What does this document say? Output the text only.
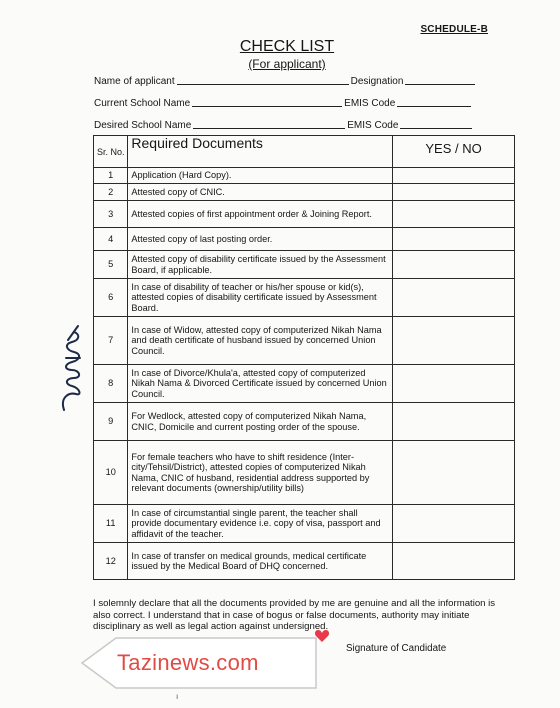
SCHEDULE-B
CHECK LIST
(For applicant)
Name of applicant	Designation
Current School Name	EMIS Code
Desired School Name	EMIS Code
Sr. No.	Required Documents	YES / NO
1	Application (Hard Copy).	
2	Attested copy of CNIC.	
3	Attested copies of first appointment order & Joining Report.	
4	Attested copy of last posting order.	
5	Attested copy of disability certificate issued by the Assessment Board, if applicable.	
6	In case of disability of teacher or his/her spouse or kid(s), attested copies of disability certificate issued by Assessment Board.	
7	In case of Widow, attested copy of computerized Nikah Nama and death certificate of husband issued by concerned Union Council.	
8	In case of Divorce/Khula'a, attested copy of computerized Nikah Nama & Divorced Certificate issued by concerned Union Council.	
9	For Wedlock, attested copy of computerized Nikah Nama, CNIC, Domicile and current posting order of the spouse.	
10	For female teachers who have to shift residence (Inter-city/Tehsil/District), attested copies of computerized Nikah Nama, CNIC of husband, residential address supported by relevant documents (ownership/utility bills)	
11	In case of circumstantial single parent, the teacher shall provide documentary evidence i.e. copy of visa, passport and affidavit of the teacher.	
12	In case of transfer on medical grounds, medical certificate issued by the Medical Board of DHQ concerned.	
I solemnly declare that all the documents provided by me are genuine and all the information is also correct. I understand that in case of bogus or false documents, authority may initiate disciplinary as well as legal action against undersigned.
Signature of Candidate
Tazinews.com
ı
